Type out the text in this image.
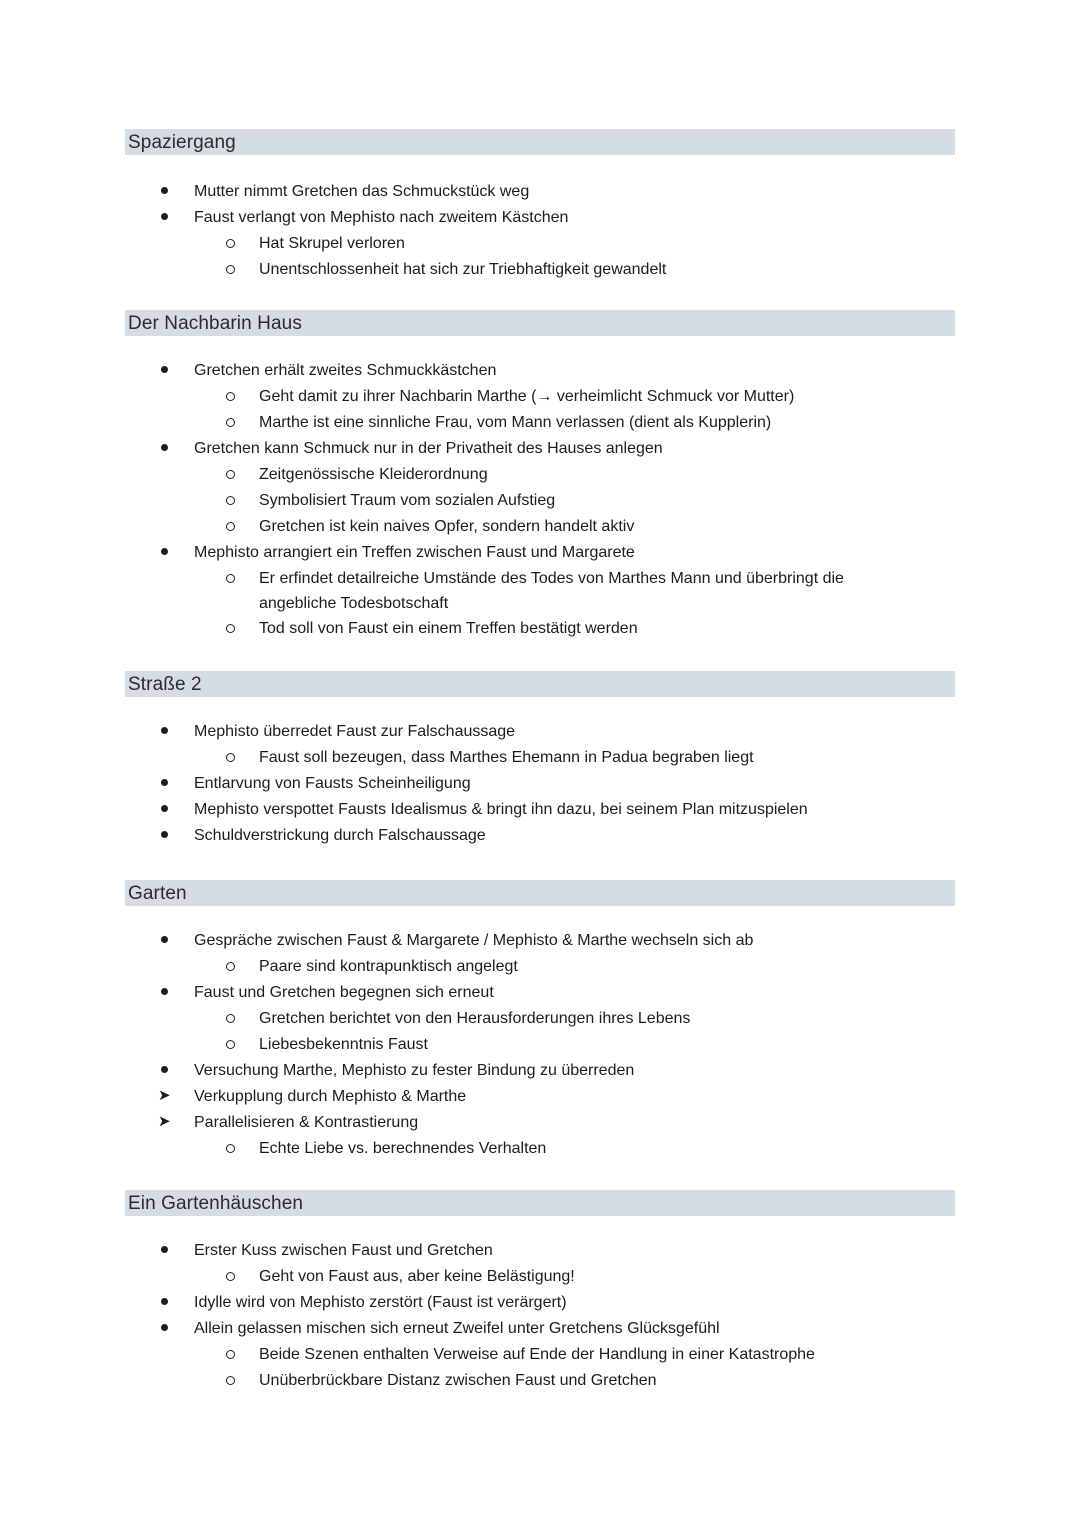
Spaziergang
Mutter nimmt Gretchen das Schmuckstück weg
Faust verlangt von Mephisto nach zweitem Kästchen
Hat Skrupel verloren
Unentschlossenheit hat sich zur Triebhaftigkeit gewandelt
Der Nachbarin Haus
Gretchen erhält zweites Schmuckkästchen
Geht damit zu ihrer Nachbarin Marthe (→ verheimlicht Schmuck vor Mutter)
Marthe ist eine sinnliche Frau, vom Mann verlassen (dient als Kupplerin)
Gretchen kann Schmuck nur in der Privatheit des Hauses anlegen
Zeitgenössische Kleiderordnung
Symbolisiert Traum vom sozialen Aufstieg
Gretchen ist kein naives Opfer, sondern handelt aktiv
Mephisto arrangiert ein Treffen zwischen Faust und Margarete
Er erfindet detailreiche Umstände des Todes von Marthes Mann und überbringt die angebliche Todesbotschaft
Tod soll von Faust ein einem Treffen bestätigt werden
Straße 2
Mephisto überredet Faust zur Falschaussage
Faust soll bezeugen, dass Marthes Ehemann in Padua begraben liegt
Entlarvung von Fausts Scheinheiligung
Mephisto verspottet Fausts Idealismus & bringt ihn dazu, bei seinem Plan mitzuspielen
Schuldverstrickung durch Falschaussage
Garten
Gespräche zwischen Faust & Margarete / Mephisto & Marthe wechseln sich ab
Paare sind kontrapunktisch angelegt
Faust und Gretchen begegnen sich erneut
Gretchen berichtet von den Herausforderungen ihres Lebens
Liebesbekenntnis Faust
Versuchung Marthe, Mephisto zu fester Bindung zu überreden
➤ Verkupplung durch Mephisto & Marthe
➤ Parallelisieren & Kontrastierung
Echte Liebe vs. berechnendes Verhalten
Ein Gartenhäuschen
Erster Kuss zwischen Faust und Gretchen
Geht von Faust aus, aber keine Belästigung!
Idylle wird von Mephisto zerstört (Faust ist verärgert)
Allein gelassen mischen sich erneut Zweifel unter Gretchens Glücksgefühl
Beide Szenen enthalten Verweise auf Ende der Handlung in einer Katastrophe
Unüberbrückbare Distanz zwischen Faust und Gretchen
